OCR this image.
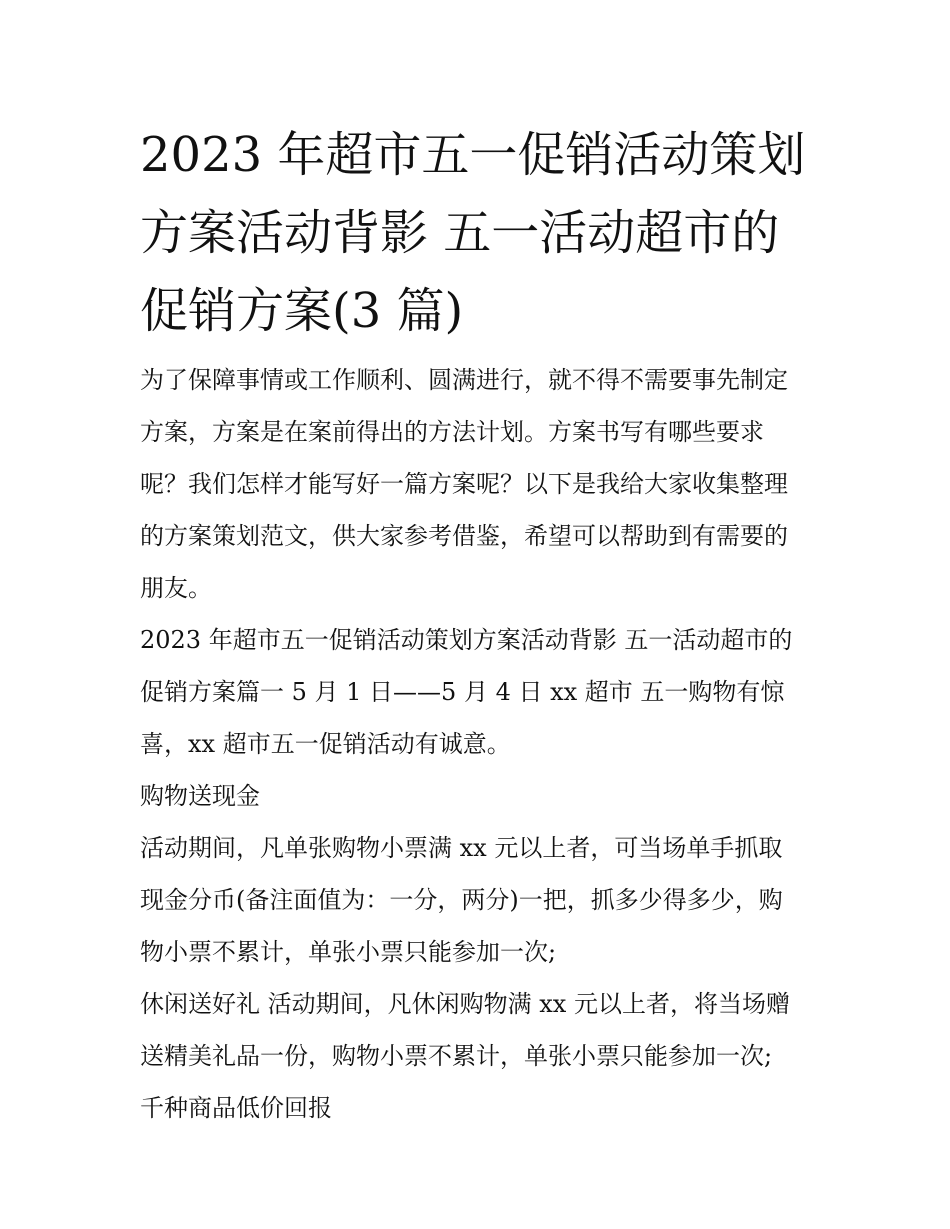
2023 年超市五一促销活动策划
方案活动背影 五一活动超市的
促销方案(3 篇)
为了保障事情或工作顺利、圆满进行，就不得不需要事先制定
方案，方案是在案前得出的方法计划。方案书写有哪些要求
呢？我们怎样才能写好一篇方案呢？以下是我给大家收集整理
的方案策划范文，供大家参考借鉴，希望可以帮助到有需要的
朋友。
2023 年超市五一促销活动策划方案活动背影 五一活动超市的
促销方案篇一 5 月 1 日——5 月 4 日 xx 超市 五一购物有惊
喜，xx 超市五一促销活动有诚意。
购物送现金
活动期间，凡单张购物小票满 xx 元以上者，可当场单手抓取
现金分币(备注面值为：一分，两分)一把，抓多少得多少，购
物小票不累计，单张小票只能参加一次;
休闲送好礼 活动期间，凡休闲购物满 xx 元以上者，将当场赠
送精美礼品一份，购物小票不累计，单张小票只能参加一次;
千种商品低价回报
